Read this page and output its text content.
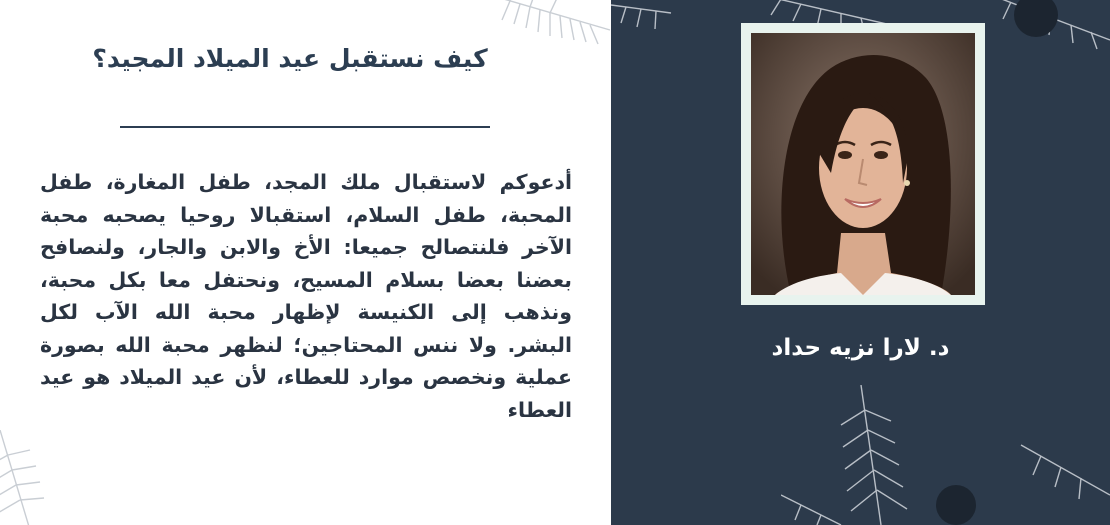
كيف نستقبل عيد الميلاد المجيد؟

أدعوكم لاستقبال ملك المجد، طفل المغارة، طفل المحبة، طفل السلام، استقبالا روحيا يصحبه محبة الآخر فلنتصالح جميعا: الأخ والابن والجار، ولنصافح بعضنا بعضا بسلام المسيح، ونحتفل معا بكل محبة، ونذهب إلى الكنيسة لإظهار محبة الله الآب لكل البشر. ولا ننس المحتاجين؛ لنظهر محبة الله بصورة عملية ونخصص موارد للعطاء، لأن عيد الميلاد هو عيد العطاء

د. لارا نزيه حداد
